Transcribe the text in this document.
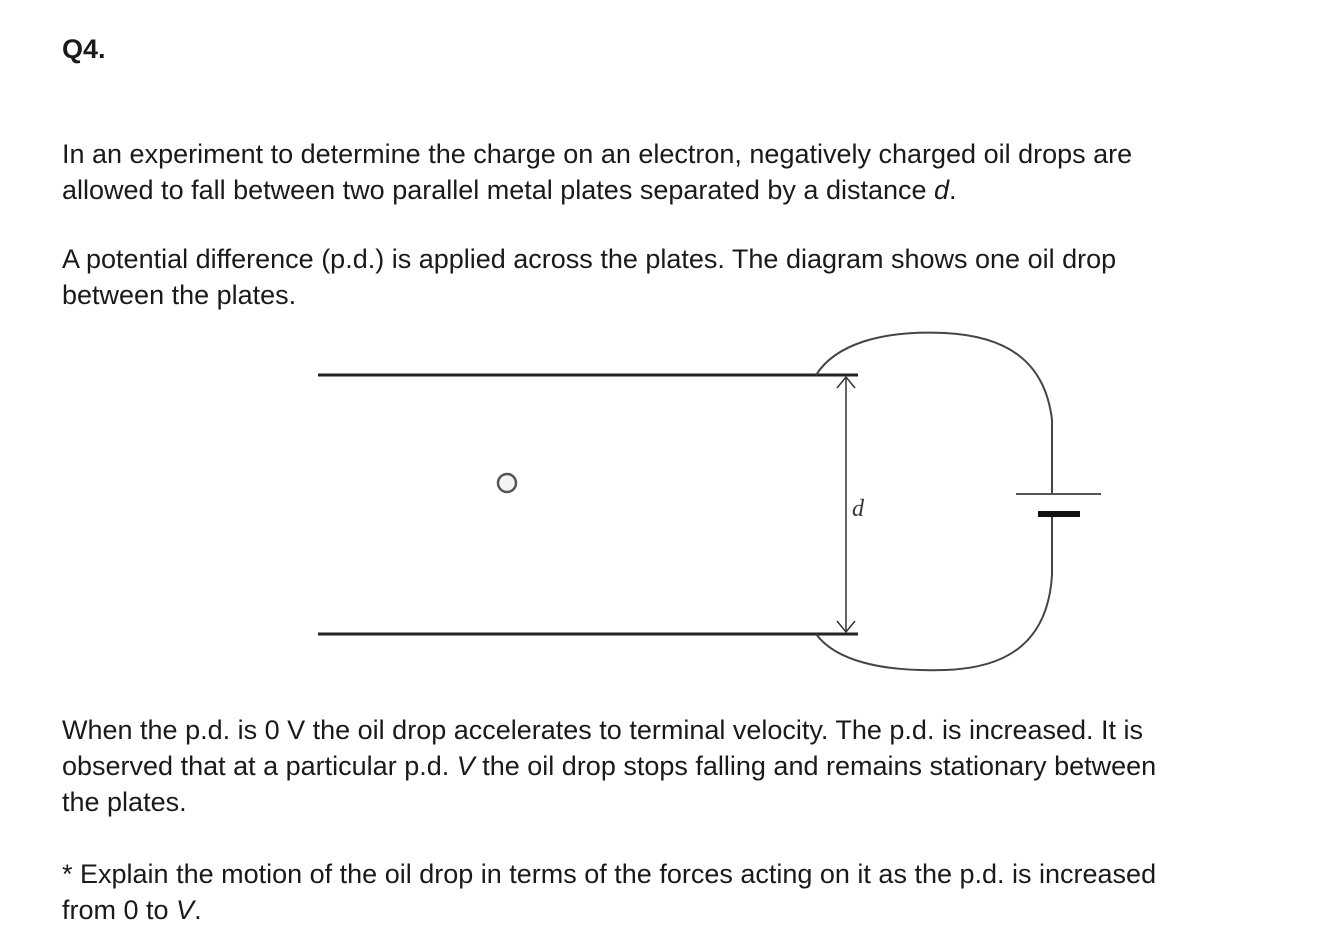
Q4.

In an experiment to determine the charge on an electron, negatively charged oil drops are
allowed to fall between two parallel metal plates separated by a distance d.

A potential difference (p.d.) is applied across the plates. The diagram shows one oil drop
between the plates.

d

When the p.d. is 0 V the oil drop accelerates to terminal velocity. The p.d. is increased. It is
observed that at a particular p.d. V the oil drop stops falling and remains stationary between
the plates.

* Explain the motion of the oil drop in terms of the forces acting on it as the p.d. is increased
from 0 to V.
